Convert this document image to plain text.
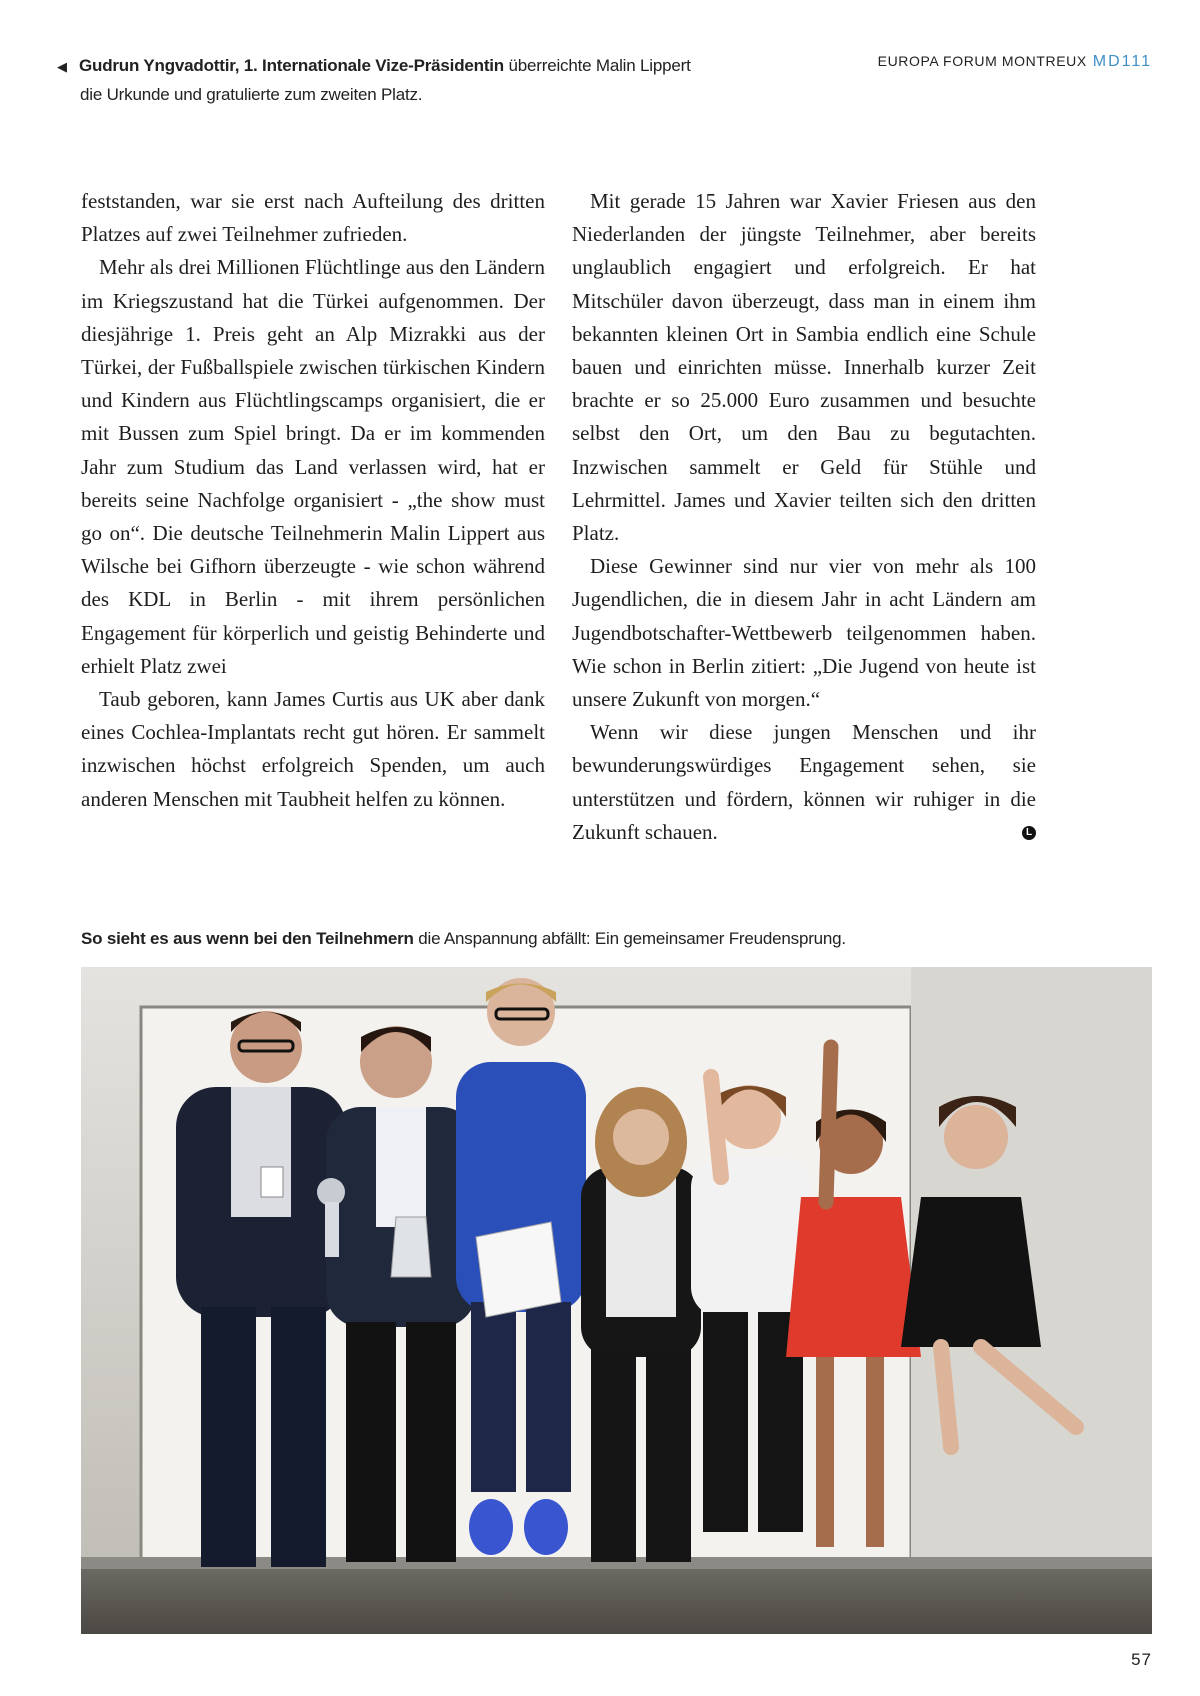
◀ Gudrun Yngvadottir, 1. Internationale Vize-Präsidentin überreichte Malin Lippert
die Urkunde und gratulierte zum zweiten Platz.
EUROPA FORUM MONTREUX MD111

feststanden, war sie erst nach Aufteilung des dritten Platzes auf zwei Teilnehmer zufrieden.

Mehr als drei Millionen Flüchtlinge aus den Ländern im Kriegszustand hat die Türkei aufgenommen. Der diesjährige 1. Preis geht an Alp Mizrakki aus der Türkei, der Fußballspiele zwischen türkischen Kindern und Kindern aus Flüchtlingscamps organisiert, die er mit Bussen zum Spiel bringt. Da er im kommenden Jahr zum Studium das Land verlassen wird, hat er bereits seine Nachfolge organisiert - „the show must go on“. Die deutsche Teilnehmerin Malin Lippert aus Wilsche bei Gifhorn überzeugte - wie schon während des KDL in Berlin - mit ihrem persönlichen Engagement für körperlich und geistig Behinderte und erhielt Platz zwei

Taub geboren, kann James Curtis aus UK aber dank eines Cochlea-Implantats recht gut hören. Er sammelt inzwischen höchst erfolgreich Spenden, um auch anderen Menschen mit Taubheit helfen zu können.

Mit gerade 15 Jahren war Xavier Friesen aus den Niederlanden der jüngste Teilnehmer, aber bereits unglaublich engagiert und erfolgreich. Er hat Mitschüler davon überzeugt, dass man in einem ihm bekannten kleinen Ort in Sambia endlich eine Schule bauen und einrichten müsse. Innerhalb kurzer Zeit brachte er so 25.000 Euro zusammen und besuchte selbst den Ort, um den Bau zu begutachten. Inzwischen sammelt er Geld für Stühle und Lehrmittel. James und Xavier teilten sich den dritten Platz.

Diese Gewinner sind nur vier von mehr als 100 Jugendlichen, die in diesem Jahr in acht Ländern am Jugendbotschafter-Wettbewerb teilgenommen haben. Wie schon in Berlin zitiert: „Die Jugend von heute ist unsere Zukunft von morgen.“

Wenn wir diese jungen Menschen und ihr bewunderungswürdiges Engagement sehen, sie unterstützen und fördern, können wir ruhiger in die Zukunft schauen.	L

So sieht es aus wenn bei den Teilnehmern die Anspannung abfällt: Ein gemeinsamer Freudensprung.
57
